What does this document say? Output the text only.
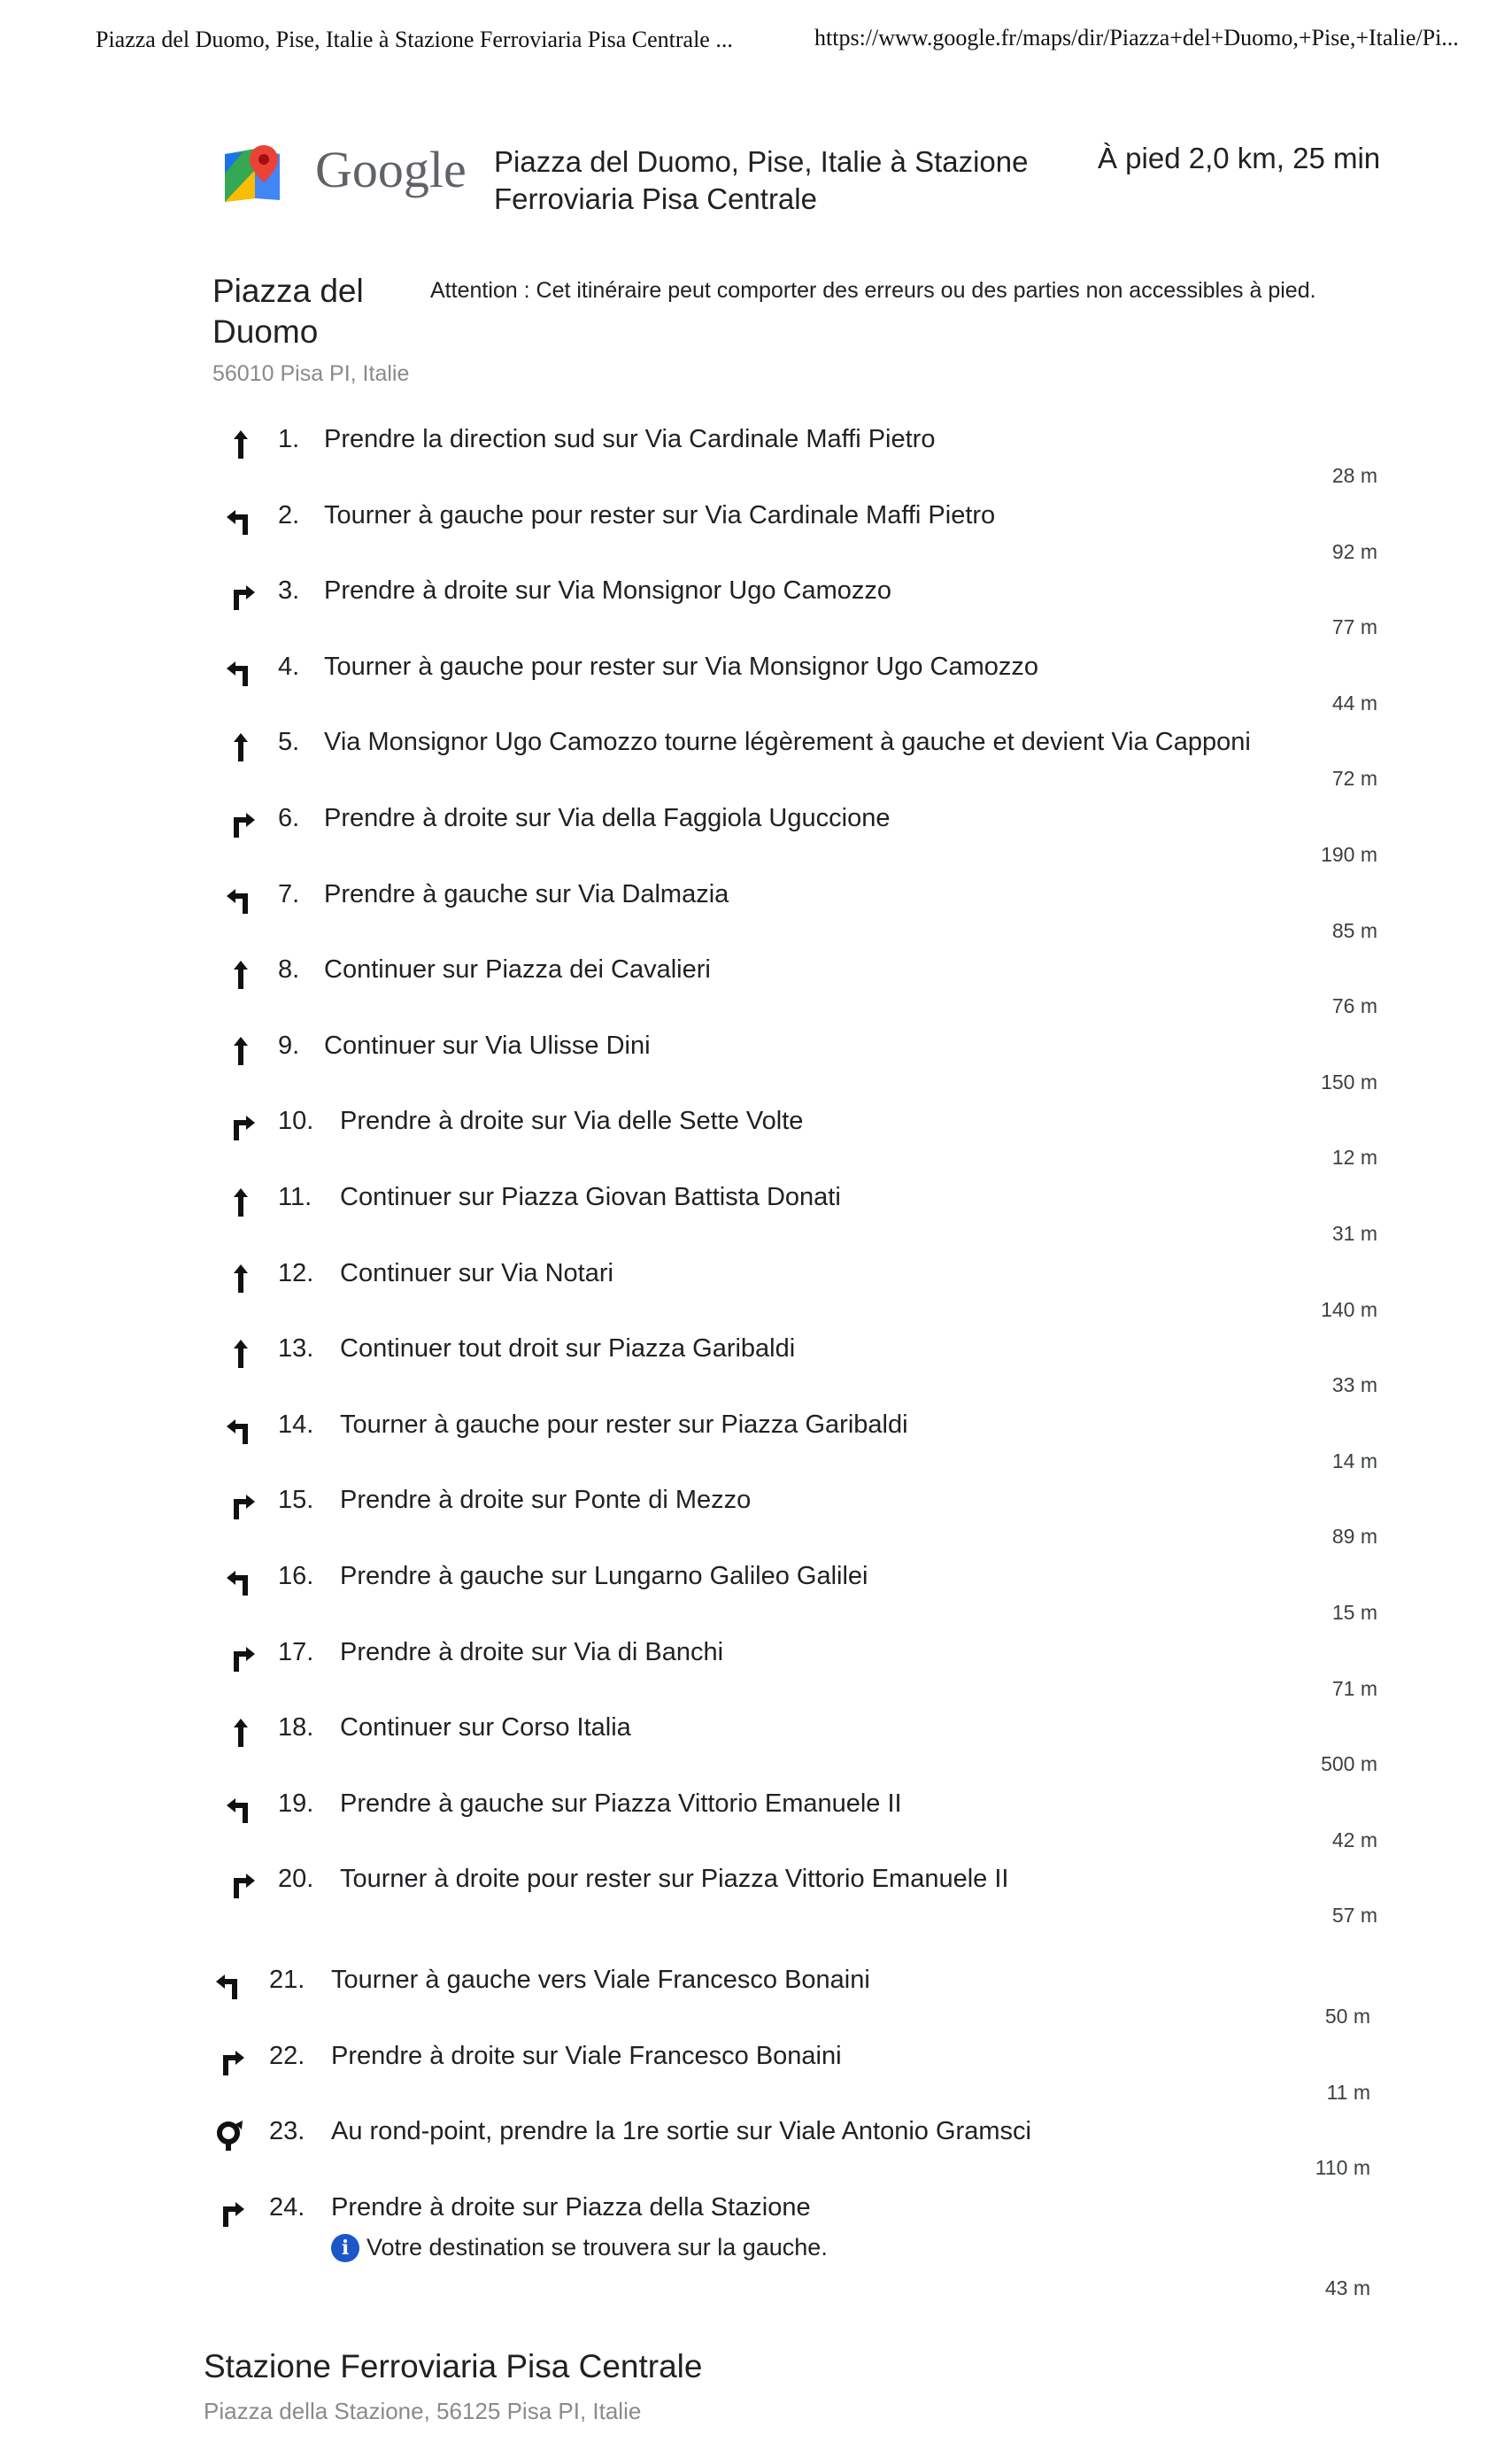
Piazza del Duomo, Pise, Italie à Stazione Ferroviaria Pisa Centrale ...	https://www.google.fr/maps/dir/Piazza+del+Duomo,+Pise,+Italie/Pi...
Google Piazza del Duomo, Pise, Italie à Stazione Ferroviaria Pisa Centrale
À pied 2,0 km, 25 min
Piazza del Duomo
56010 Pisa PI, Italie
Attention : Cet itinéraire peut comporter des erreurs ou des parties non accessibles à pied.
1. Prendre la direction sud sur Via Cardinale Maffi Pietro
28 m
2. Tourner à gauche pour rester sur Via Cardinale Maffi Pietro
92 m
3. Prendre à droite sur Via Monsignor Ugo Camozzo
77 m
4. Tourner à gauche pour rester sur Via Monsignor Ugo Camozzo
44 m
5. Via Monsignor Ugo Camozzo tourne légèrement à gauche et devient Via Capponi
72 m
6. Prendre à droite sur Via della Faggiola Uguccione
190 m
7. Prendre à gauche sur Via Dalmazia
85 m
8. Continuer sur Piazza dei Cavalieri
76 m
9. Continuer sur Via Ulisse Dini
150 m
10. Prendre à droite sur Via delle Sette Volte
12 m
11. Continuer sur Piazza Giovan Battista Donati
31 m
12. Continuer sur Via Notari
140 m
13. Continuer tout droit sur Piazza Garibaldi
33 m
14. Tourner à gauche pour rester sur Piazza Garibaldi
14 m
15. Prendre à droite sur Ponte di Mezzo
89 m
16. Prendre à gauche sur Lungarno Galileo Galilei
15 m
17. Prendre à droite sur Via di Banchi
71 m
18. Continuer sur Corso Italia
500 m
19. Prendre à gauche sur Piazza Vittorio Emanuele II
42 m
20. Tourner à droite pour rester sur Piazza Vittorio Emanuele II
57 m
21. Tourner à gauche vers Viale Francesco Bonaini
50 m
22. Prendre à droite sur Viale Francesco Bonaini
11 m
23. Au rond-point, prendre la 1re sortie sur Viale Antonio Gramsci
110 m
24. Prendre à droite sur Piazza della Stazione
43 m
i Votre destination se trouvera sur la gauche.
Stazione Ferroviaria Pisa Centrale
Piazza della Stazione, 56125 Pisa PI, Italie
